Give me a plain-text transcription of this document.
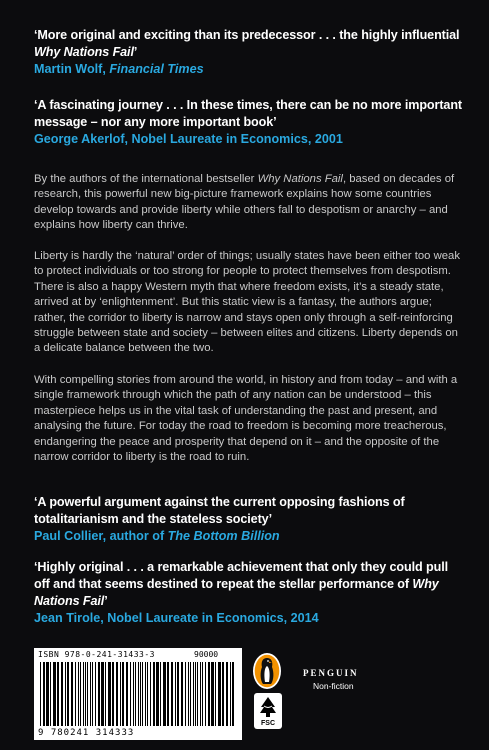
‘More original and exciting than its predecessor . . . the highly influential Why Nations Fail’
Martin Wolf, Financial Times
‘A fascinating journey . . . In these times, there can be no more important message – nor any more important book’
George Akerlof, Nobel Laureate in Economics, 2001

By the authors of the international bestseller Why Nations Fail, based on decades of research, this powerful new big-picture framework explains how some countries develop towards and provide liberty while others fall to despotism or anarchy – and explains how liberty can thrive.

Liberty is hardly the ‘natural’ order of things; usually states have been either too weak to protect individuals or too strong for people to protect themselves from despotism. There is also a happy Western myth that where freedom exists, it’s a steady state, arrived at by ‘enlightenment’. But this static view is a fantasy, the authors argue; rather, the corridor to liberty is narrow and stays open only through a self-reinforcing struggle between state and society – between elites and citizens. Liberty depends on a delicate balance between the two.

With compelling stories from around the world, in history and from today – and with a single framework through which the path of any nation can be understood – this masterpiece helps us in the vital task of understanding the past and present, and analysing the future. For today the road to freedom is becoming more treacherous, endangering the peace and prosperity that depend on it – and the opposite of the narrow corridor to liberty is the road to ruin.

‘A powerful argument against the current opposing fashions of totalitarianism and the stateless society’
Paul Collier, author of The Bottom Billion
‘Highly original . . . a remarkable achievement that only they could pull off and that seems destined to repeat the stellar performance of Why Nations Fail’
Jean Tirole, Nobel Laureate in Economics, 2014
ISBN 978-0-241-31433-3	90000
9 780241 314333
FSC
PENGUIN
Non-fiction
